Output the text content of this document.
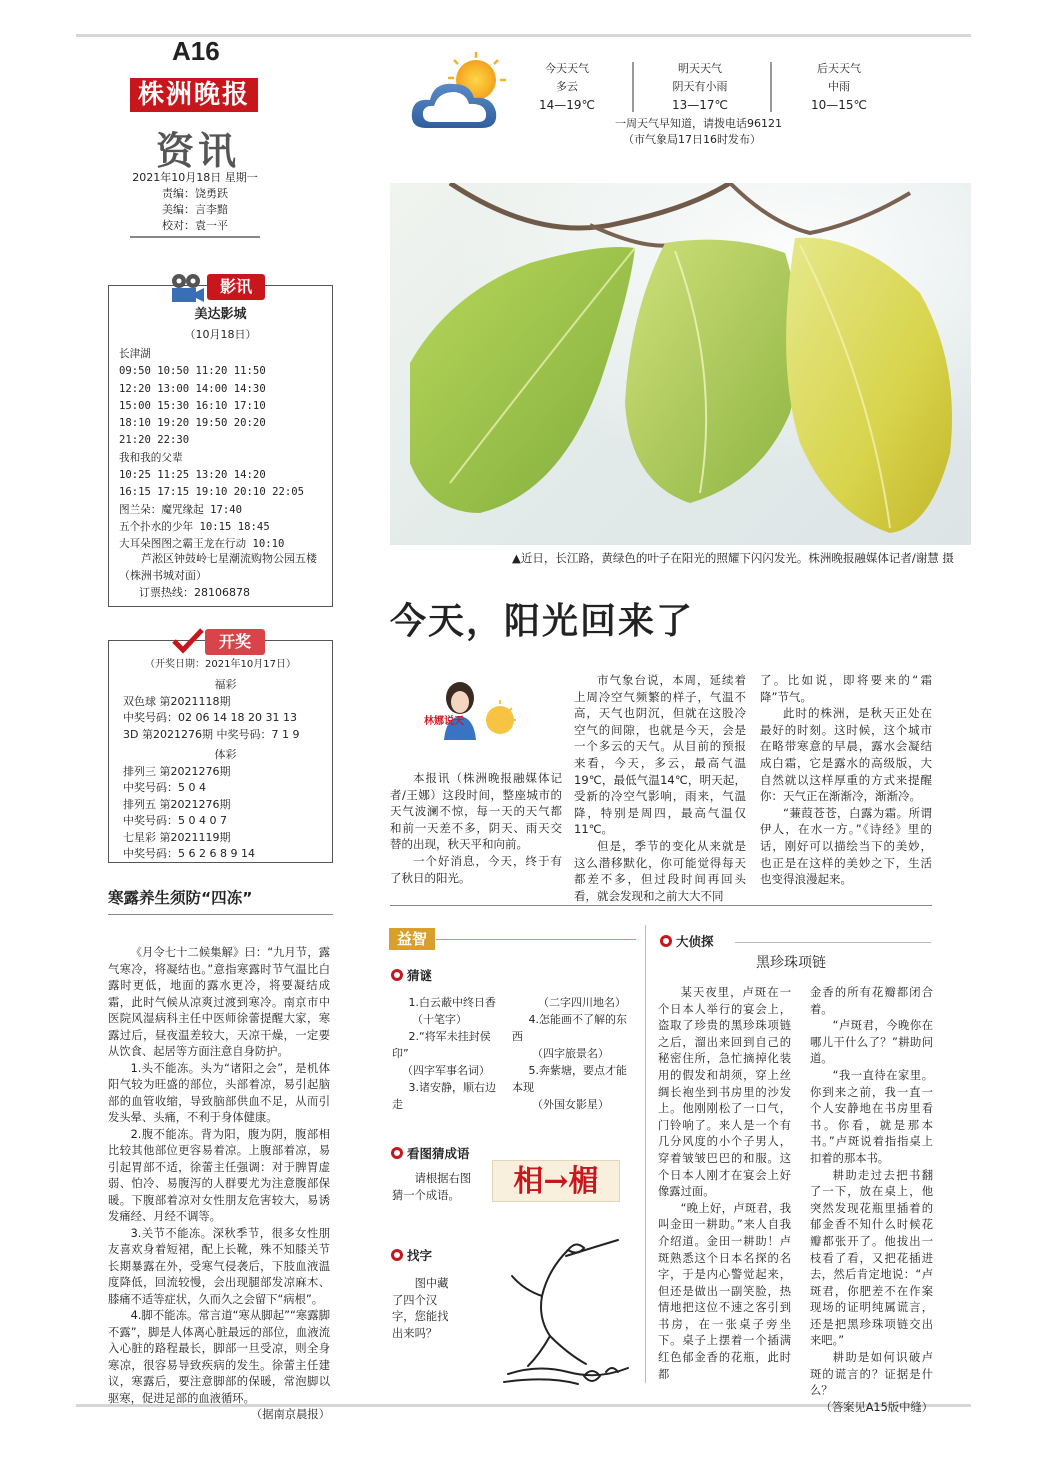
A16
株洲晚报
资讯
2021年10月18日 星期一
责编：饶勇跃
美编：言李黯
校对：袁一平
今天天气
多云
14—19℃
明天天气
阴天有小雨
13—17℃
后天天气
中雨
10—15℃
一周天气早知道，请拨电话96121
（市气象局17日16时发布）
▲近日，长江路，黄绿色的叶子在阳光的照耀下闪闪发光。株洲晚报融媒体记者/谢慧 摄
今天，阳光回来了
林娜说天

本报讯（株洲晚报融媒体记者/王娜）这段时间，整座城市的天气波澜不惊，每一天的天气都和前一天差不多，阴天、雨天交替的出现，秋天平和向前。

一个好消息，今天，终于有了秋日的阳光。

市气象台说，本周，延续着上周冷空气频繁的样子，气温不高，天气也阴沉，但就在这股冷空气的间隙，也就是今天，会是一个多云的天气。从目前的预报来看，今天，多云，最高气温19℃，最低气温14℃，明天起，受新的冷空气影响，雨来，气温降，特别是周四，最高气温仅11℃。

但是，季节的变化从来就是这么潜移默化，你可能觉得每天都差不多，但过段时间再回头看，就会发现和之前大大不同

了。比如说，即将要来的“霜降”节气。

此时的株洲，是秋天正处在最好的时刻。这时候，这个城市在略带寒意的早晨，露水会凝结成白霜，它是露水的高级版，大自然就以这样厚重的方式来提醒你：天气正在渐渐冷，渐渐冷。

“蒹葭苍苍，白露为霜。所谓伊人，在水一方。”《诗经》里的话，刚好可以描绘当下的美妙，也正是在这样的美妙之下，生活也变得浪漫起来。

影讯
美达影城
（10月18日）
长津湖
09:50 10:50 11:20 11:50
12:20 13:00 14:00 14:30
15:00 15:30 16:10 17:10
18:10 19:20 19:50 20:20
21:20 22:30
我和我的父辈
10:25 11:25 13:20 14:20
16:15 17:15 19:10 20:10 22:05
图兰朵：魔咒缘起 17:40
五个扑水的少年 10:15 18:45
大耳朵图图之霸王龙在行动 10:10
芦淞区钟鼓岭七星潮流购物公园五楼（株洲书城对面）
订票热线：28106878
开奖
（开奖日期：2021年10月17日）
福彩
双色球 第2021118期
中奖号码：02 06 14 18 20 31 13
3D 第2021276期 中奖号码：7 1 9
体彩
排列三 第2021276期
中奖号码：5 0 4
排列五 第2021276期
中奖号码：5 0 4 0 7
七星彩 第2021119期
中奖号码：5 6 2 6 8 9 14
寒露养生须防“四冻”

《月令七十二候集解》曰：“九月节，露气寒冷，将凝结也。”意指寒露时节气温比白露时更低，地面的露水更冷，将要凝结成霜，此时气候从凉爽过渡到寒冷。南京市中医院风湿病科主任中医师徐蕾提醒大家，寒露过后，昼夜温差较大，天凉干燥，一定要从饮食、起居等方面注意自身防护。

1.头不能冻。头为“诸阳之会”，是机体阳气较为旺盛的部位，头部着凉，易引起脑部的血管收缩，导致脑部供血不足，从而引发头晕、头痛，不利于身体健康。

2.腹不能冻。背为阳，腹为阴，腹部相比较其他部位更容易着凉。上腹部着凉，易引起胃部不适，徐蕾主任强调：对于脾胃虚弱、怕冷、易腹泻的人群要尤为注意腹部保暖。下腹部着凉对女性朋友危害较大，易诱发痛经、月经不调等。

3.关节不能冻。深秋季节，很多女性朋友喜欢身着短裙，配上长靴，殊不知膝关节长期暴露在外，受寒气侵袭后，下肢血液温度降低，回流较慢，会出现腿部发凉麻木、膝痛不适等症状，久而久之会留下“病根”。

4.脚不能冻。常言道“寒从脚起”“寒露脚不露”，脚是人体离心脏最远的部位，血液流入心脏的路程最长，脚部一旦受凉，则全身寒凉，很容易导致疾病的发生。徐蕾主任建议，寒露后，要注意脚部的保暖，常泡脚以驱寒，促进足部的血液循环。

（据南京晨报）
益智
猜谜
1.白云蔽中终日香
（十笔字）
2.“将军未挂封侯印”
（四字军事名词）
3.诸安静，顺右边走
（二字四川地名）
4.怎能画不了解的东西
（四字旅景名）
5.奔紫塘，要点才能本现
（外国女影星）
看图猜成语
请根据右图猜一个成语。	相→楣
找字
图中藏了四个汉字，您能找出来吗？
大侦探
黑珍珠项链

某天夜里，卢斑在一个日本人举行的宴会上，盗取了珍贵的黑珍珠项链之后，溜出来回到自己的秘密住所，急忙摘掉化装用的假发和胡须，穿上丝绸长袍坐到书房里的沙发上。他刚刚松了一口气，门铃响了。来人是一个有几分风度的小个子男人，穿着皱皱巴巴的和服。这个日本人刚才在宴会上好像露过面。

“晚上好，卢斑君，我叫金田一耕助。”来人自我介绍道。金田一耕助！卢斑熟悉这个日本名探的名字，于是内心警觉起来，但还是做出一副笑脸，热情地把这位不速之客引到书房，在一张桌子旁坐下。桌子上摆着一个插满红色郁金香的花瓶，此时都

金香的所有花瓣都闭合着。

“卢斑君，今晚你在哪儿干什么了？”耕助问道。

“我一直待在家里。你到来之前，我一直一个人安静地在书房里看书。你看，就是那本书。”卢斑说着指指桌上扣着的那本书。

耕助走过去把书翻了一下，放在桌上，他突然发现花瓶里插着的郁金香不知什么时候花瓣都张开了。他拔出一枝看了看，又把花插进去，然后肯定地说：“卢斑君，你肥差不在作案现场的证明纯属谎言，还是把黑珍珠项链交出来吧。”

耕助是如何识破卢斑的谎言的？证据是什么？

（答案见A15版中缝）
